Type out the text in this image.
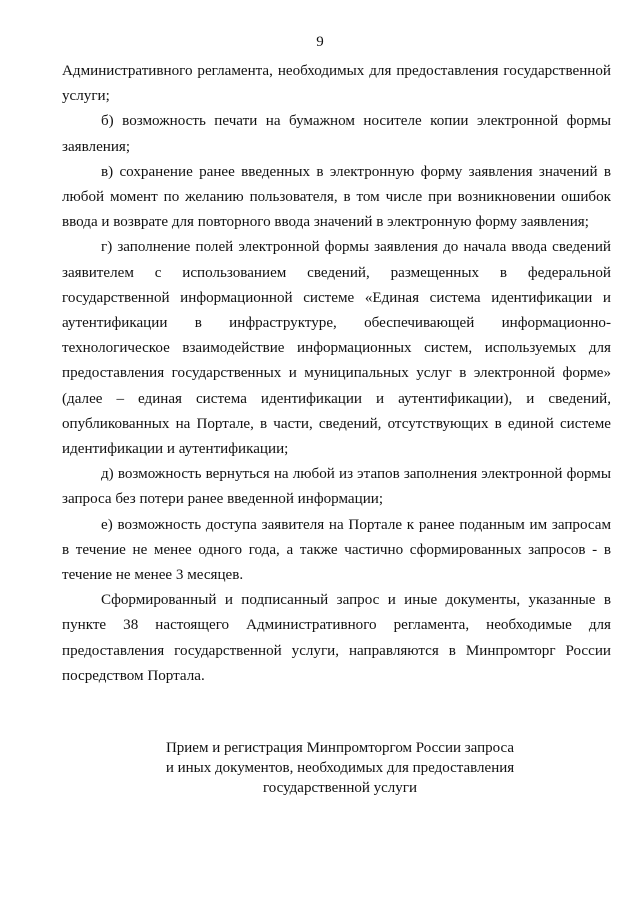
9

Административного регламента, необходимых для предоставления государственной услуги;

б) возможность печати на бумажном носителе копии электронной формы заявления;

в) сохранение ранее введенных в электронную форму заявления значений в любой момент по желанию пользователя, в том числе при возникновении ошибок ввода и возврате для повторного ввода значений в электронную форму заявления;

г) заполнение полей электронной формы заявления до начала ввода сведений заявителем с использованием сведений, размещенных в федеральной государственной информационной системе «Единая система идентификации и аутентификации в инфраструктуре, обеспечивающей информационно-технологическое взаимодействие информационных систем, используемых для предоставления государственных и муниципальных услуг в электронной форме» (далее – единая система идентификации и аутентификации), и сведений, опубликованных на Портале, в части, сведений, отсутствующих в единой системе идентификации и аутентификации;

д) возможность вернуться на любой из этапов заполнения электронной формы запроса без потери ранее введенной информации;

е) возможность доступа заявителя на Портале к ранее поданным им запросам в течение не менее одного года, а также частично сформированных запросов - в течение не менее 3 месяцев.

Сформированный и подписанный запрос и иные документы, указанные в пункте 38 настоящего Административного регламента, необходимые для предоставления государственной услуги, направляются в Минпромторг России посредством Портала.

Прием и регистрация Минпромторгом России запроса
и иных документов, необходимых для предоставления
государственной услуги
